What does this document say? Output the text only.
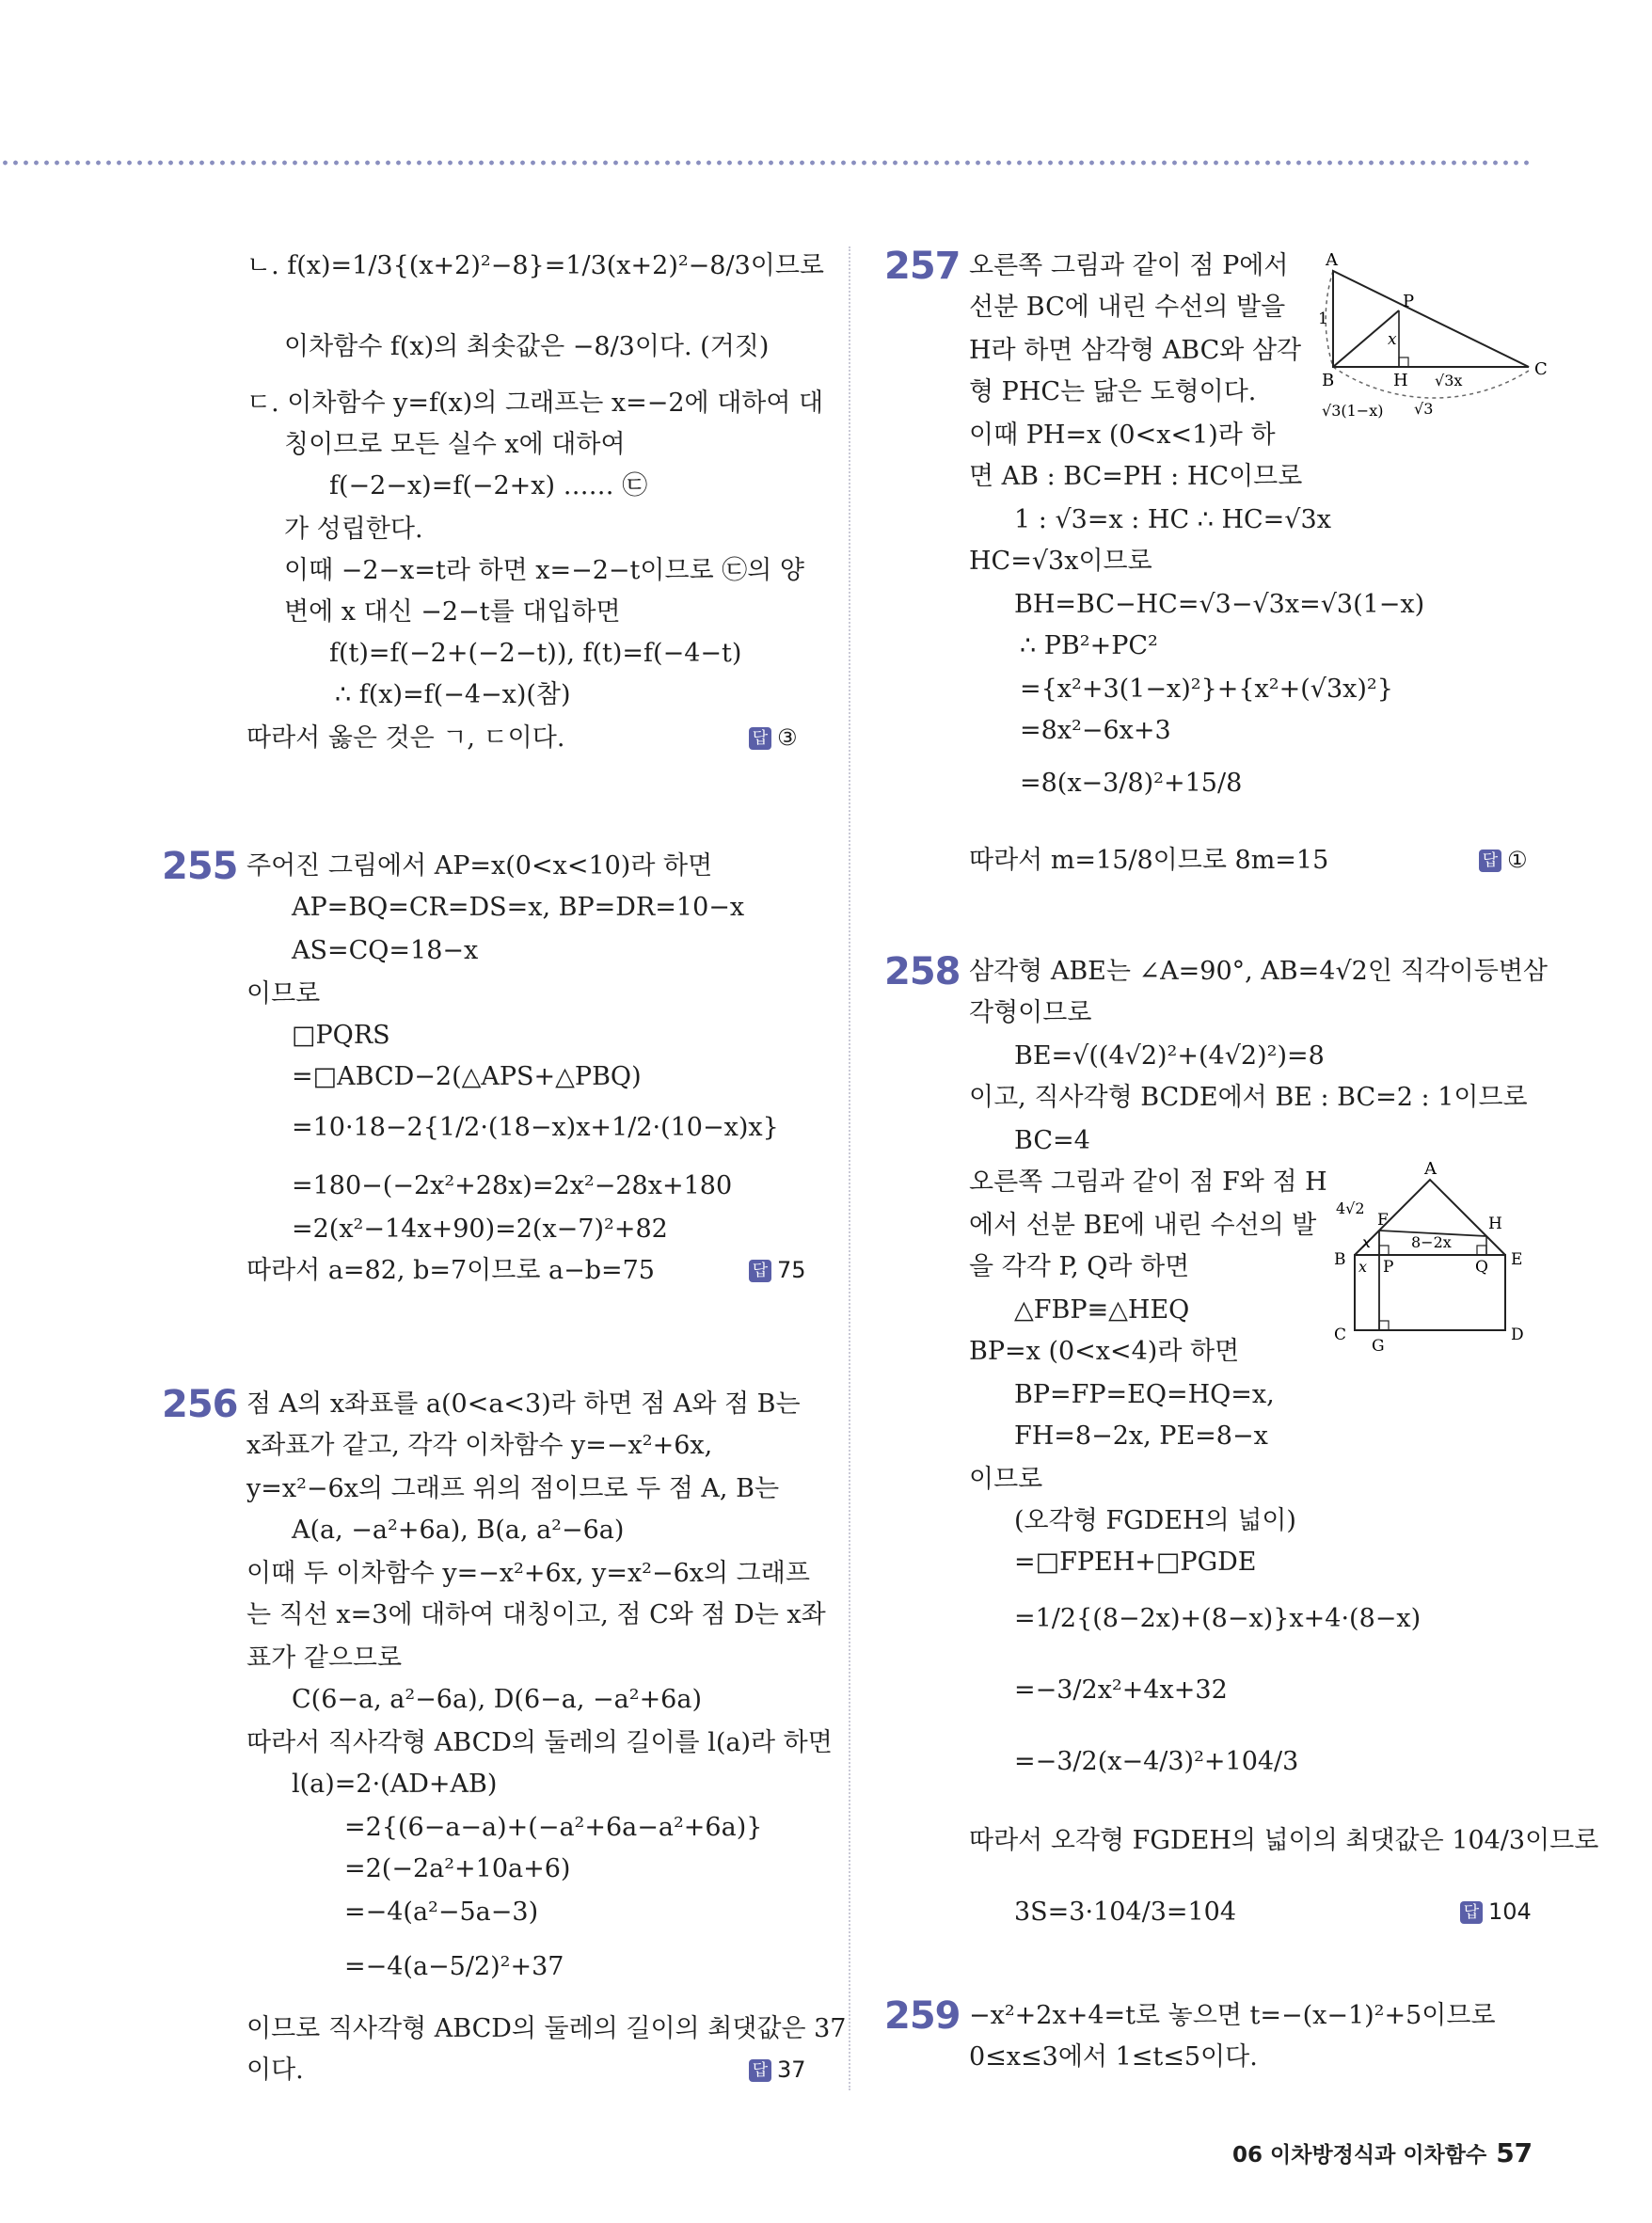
ㄴ. f(x)=1/3{(x+2)²−8}=1/3(x+2)²−8/3이므로
이차함수 f(x)의 최솟값은 −8/3이다. (거짓)
ㄷ. 이차함수 y=f(x)의 그래프는 x=−2에 대하여 대
칭이므로 모든 실수 x에 대하여
f(−2−x)=f(−2+x) …… ㉢
가 성립한다.
이때 −2−x=t라 하면 x=−2−t이므로 ㉢의 양
변에 x 대신 −2−t를 대입하면
f(t)=f(−2+(−2−t)), f(t)=f(−4−t)
∴ f(x)=f(−4−x)(참)
따라서 옳은 것은 ㄱ, ㄷ이다.	답 ③
255 주어진 그림에서 AP=x(0<x<10)라 하면
AP=BQ=CR=DS=x, BP=DR=10−x
AS=CQ=18−x
이므로
□PQRS
=□ABCD−2(△APS+△PBQ)
=10·18−2{1/2·(18−x)x+1/2·(10−x)x}
=180−(−2x²+28x)=2x²−28x+180
=2(x²−14x+90)=2(x−7)²+82
따라서 a=82, b=7이므로 a−b=75	답 75
256 점 A의 x좌표를 a(0<a<3)라 하면 점 A와 점 B는
x좌표가 같고, 각각 이차함수 y=−x²+6x,
y=x²−6x의 그래프 위의 점이므로 두 점 A, B는
A(a, −a²+6a), B(a, a²−6a)
이때 두 이차함수 y=−x²+6x, y=x²−6x의 그래프
는 직선 x=3에 대하여 대칭이고, 점 C와 점 D는 x좌
표가 같으므로
C(6−a, a²−6a), D(6−a, −a²+6a)
따라서 직사각형 ABCD의 둘레의 길이를 l(a)라 하면
l(a)=2·(AD+AB)
=2{(6−a−a)+(−a²+6a−a²+6a)}
=2(−2a²+10a+6)
=−4(a²−5a−3)
=−4(a−5/2)²+37
이므로 직사각형 ABCD의 둘레의 길이의 최댓값은 37
이다.	답 37
257 오른쪽 그림과 같이 점 P에서
선분 BC에 내린 수선의 발을
H라 하면 삼각형 ABC와 삼각
형 PHC는 닮은 도형이다.
이때 PH=x (0<x<1)라 하
면 AB : BC=PH : HC이므로
1 : √3=x : HC ∴ HC=√3x
HC=√3x이므로
BH=BC−HC=√3−√3x=√3(1−x)
∴ PB²+PC²
={x²+3(1−x)²}+{x²+(√3x)²}
=8x²−6x+3
=8(x−3/8)²+15/8
따라서 m=15/8이므로 8m=15	답 ①
A
P
1
x
B	H √3x
C
√3(1−x) √3
258 삼각형 ABE는 ∠A=90°, AB=4√2인 직각이등변삼
각형이므로
BE=√((4√2)²+(4√2)²)=8
이고, 직사각형 BCDE에서 BE : BC=2 : 1이므로
BC=4
오른쪽 그림과 같이 점 F와 점 H
에서 선분 BE에 내린 수선의 발
을 각각 P, Q라 하면
△FBP≡△HEQ
BP=x (0<x<4)라 하면
BP=FP=EQ=HQ=x,
FH=8−2x, PE=8−x
이므로
(오각형 FGDEH의 넓이)
=□FPEH+□PGDE
=1/2{(8−2x)+(8−x)}x+4·(8−x)
=−3/2x²+4x+32
=−3/2(x−4/3)²+104/3
따라서 오각형 FGDEH의 넓이의 최댓값은 104/3이므로
3S=3·104/3=104	답 104
A
4√2
F	H
8−2x
x
B x P	Q E
C
G
D
259 −x²+2x+4=t로 놓으면 t=−(x−1)²+5이므로
0≤x≤3에서 1≤t≤5이다.
06 이차방정식과 이차함수 57
